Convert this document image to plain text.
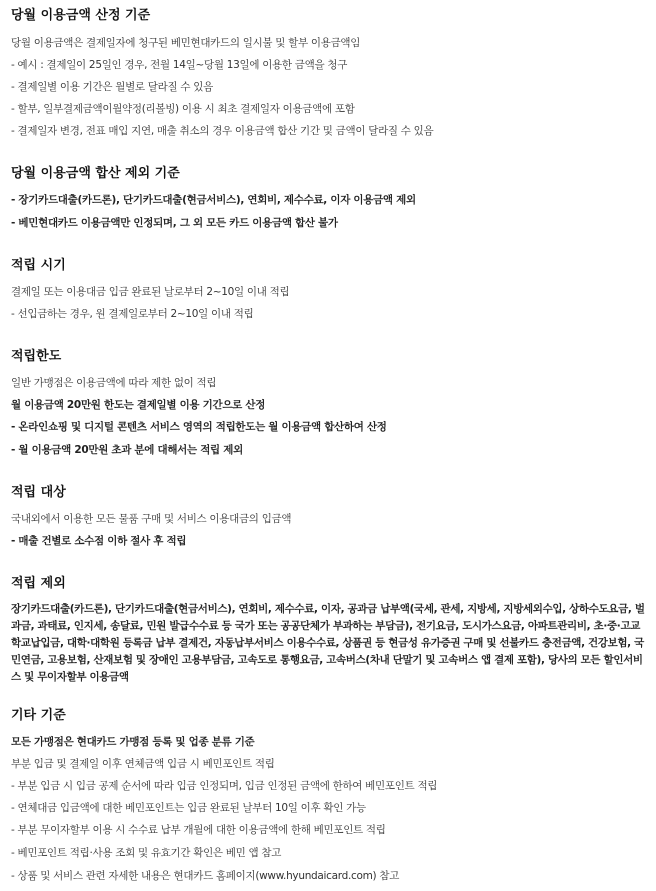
당월 이용금액 산정 기준
당월 이용금액은 결제일자에 청구된 베민현대카드의 일시불 및 할부 이용금액임
- 예시 : 결제일이 25일인 경우, 전월 14일~당월 13일에 이용한 금액을 청구
- 결제일별 이용 기간은 월별로 달라질 수 있음
- 할부, 일부결제금액이월약정(리볼빙) 이용 시 최초 결제일자 이용금액에 포함
- 결제일자 변경, 전표 매입 지연, 매출 취소의 경우 이용금액 합산 기간 및 금액이 달라질 수 있음
당월 이용금액 합산 제외 기준
- 장기카드대출(카드론), 단기카드대출(현금서비스), 연회비, 제수수료, 이자 이용금액 제외
- 베민현대카드 이용금액만 인정되며, 그 외 모든 카드 이용금액 합산 불가
적립 시기
결제일 또는 이용대금 입금 완료된 날로부터 2~10일 이내 적립
- 선입금하는 경우, 원 결제일로부터 2~10일 이내 적립
적립한도
일반 가맹점은 이용금액에 따라 제한 없이 적립
월 이용금액 20만원 한도는 결제일별 이용 기간으로 산정
- 온라인쇼핑 및 디지털 콘텐츠 서비스 영역의 적립한도는 월 이용금액 합산하여 산정
- 월 이용금액 20만원 초과 분에 대해서는 적립 제외
적립 대상
국내외에서 이용한 모든 물품 구매 및 서비스 이용대금의 입금액
- 매출 건별로 소수점 이하 절사 후 적립
적립 제외
장기카드대출(카드론), 단기카드대출(현금서비스), 연회비, 제수수료, 이자, 공과금 납부액(국세, 관세, 지방세, 지방세외수입, 상하수도요금, 벌과금, 과태료, 인지세, 송달료, 민원 발급수수료 등 국가 또는 공공단체가 부과하는 부담금), 전기요금, 도시가스요금, 아파트관리비, 초·중·고교 학교납입금, 대학·대학원 등록금 납부 결제건, 자동납부서비스 이용수수료, 상품권 등 현금성 유가증권 구매 및 선불카드 충전금액, 건강보험, 국민연금, 고용보험, 산재보험 및 장애인 고용부담금, 고속도로 통행요금, 고속버스(차내 단말기 및 고속버스 앱 결제 포함), 당사의 모든 할인서비스 및 무이자할부 이용금액
기타 기준
모든 가맹점은 현대카드 가맹점 등록 및 업종 분류 기준
부분 입금 및 결제일 이후 연체금액 입금 시 베민포인트 적립
- 부분 입금 시 입금 공제 순서에 따라 입금 인정되며, 입금 인정된 금액에 한하여 베민포인트 적립
- 연체대금 입금액에 대한 베민포인트는 입금 완료된 날부터 10일 이후 확인 가능
- 부분 무이자할부 이용 시 수수료 납부 개월에 대한 이용금액에 한해 베민포인트 적립
- 베민포인트 적립·사용 조회 및 유효기간 확인은 베민 앱 참고
- 상품 및 서비스 관련 자세한 내용은 현대카드 홈페이지(www.hyundaicard.com) 참고
